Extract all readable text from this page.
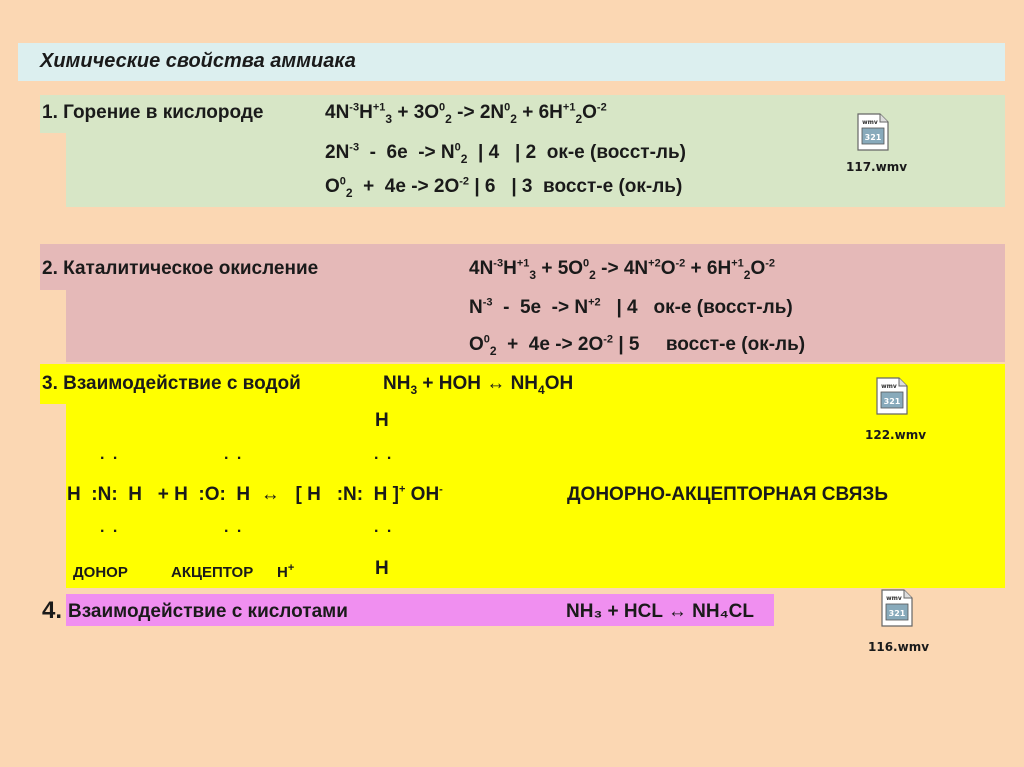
Химические свойства аммиака
1. Горение в кислороде	$4N^{-3}H^{+1}_3 + 3O^0_2 -> 2N^0_2 + 6H^{+1}_2O^{-2}$
$2N^{-3} - 6e -> N^0_2$  | 4   | 2  ок-е (восст-ль)
$O^0_2 + 4e -> 2O^{-2}$ | 6   | 3  восст-е (ок-ль)
321
wmv
117.wmv
2. Каталитическое окисление	$4N^{-3}H^{+1}_3 + 5O^0_2 -> 4N^{+2}O^{-2} + 6H^{+1}_2O^{-2}$
$N^{-3} - 5e -> N^{+2}$   | 4   ок-е (восст-ль)
$O^0_2 + 4e -> 2O^{-2}$ | 5     восст-е (ок-ль)
3. Взаимодействие с водой	$NH_3$ + HOH ↔ $NH_4OH$
H
. .	. .	. .
H  :N:  H   + H  :O:  H  ↔   [ H   :N:  H ]+ OH-	ДОНОРНО-АКЦЕПТОРНАЯ СВЯЗЬ
. .	. .	. .
ДОНОР	АКЦЕПТОР H+	H
321
wmv
122.wmv
4. Взаимодействие с кислотами	NH₃ + HCL ↔ NH₄CL	321
wmv
116.wmv
